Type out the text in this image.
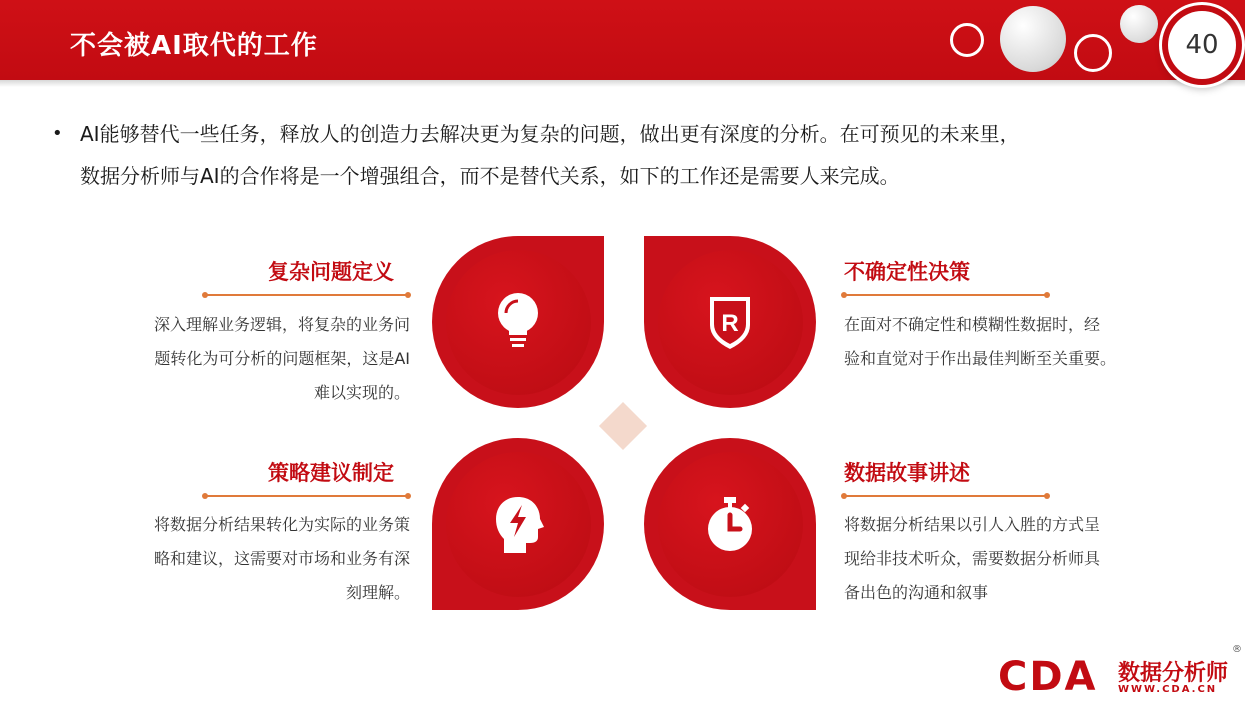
不会被AI取代的工作	40
• AI能够替代一些任务，释放人的创造力去解决更为复杂的问题，做出更有深度的分析。在可预见的未来里，
数据分析师与AI的合作将是一个增强组合，而不是替代关系，如下的工作还是需要人来完成。
R
复杂问题定义
深入理解业务逻辑，将复杂的业务问
题转化为可分析的问题框架，这是AI
难以实现的。
不确定性决策
在面对不确定性和模糊性数据时，经
验和直觉对于作出最佳判断至关重要。
策略建议制定
将数据分析结果转化为实际的业务策
略和建议，这需要对市场和业务有深
刻理解。
数据故事讲述
将数据分析结果以引人入胜的方式呈
现给非技术听众，需要数据分析师具
备出色的沟通和叙事
CDA 数据分析师
WWW.CDA.CN
®
